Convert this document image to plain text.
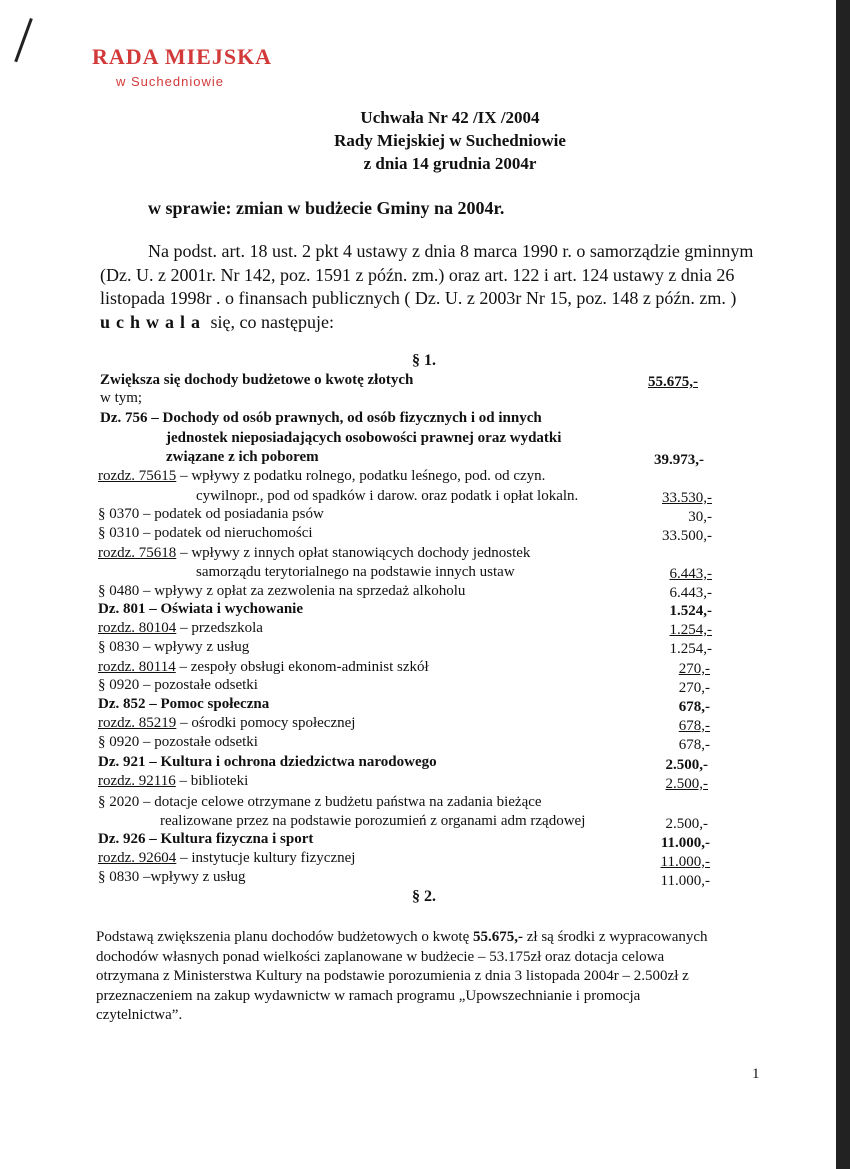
RADA MIEJSKA
w Suchedniowie
Uchwała Nr 42 /IX /2004
Rady Miejskiej w Suchedniowie
z dnia 14 grudnia 2004r
w sprawie: zmian w budżecie Gminy na 2004r.
Na podst. art. 18 ust. 2 pkt 4 ustawy z dnia 8 marca 1990 r. o samorządzie gminnym (Dz. U. z 2001r. Nr 142, poz. 1591 z późn. zm.) oraz art. 122 i art. 124 ustawy z dnia 26 listopada 1998r . o finansach publicznych ( Dz. U. z 2003r Nr 15, poz. 148 z późn. zm. ) uchwala się, co następuje:
§ 1.
Zwiększa się dochody budżetowe o kwotę złotych	55.675,-
w tym;
Dz. 756 – Dochody od osób prawnych, od osób fizycznych i od innych
jednostek nieposiadających osobowości prawnej oraz wydatki
związane z ich poborem	39.973,-
rozdz. 75615 – wpływy z podatku rolnego, podatku leśnego, pod. od czyn.
cywilnopr., pod od spadków i darow. oraz podatk i opłat lokaln.	33.530,-
§ 0370 – podatek od posiadania psów	30,-
§ 0310 – podatek od nieruchomości	33.500,-
rozdz. 75618 – wpływy z innych opłat stanowiących dochody jednostek
samorządu terytorialnego na podstawie innych ustaw	6.443,-
§ 0480 – wpływy z opłat za zezwolenia na sprzedaż alkoholu	6.443,-
Dz. 801 – Oświata i wychowanie	1.524,-
rozdz. 80104 – przedszkola	1.254,-
§ 0830 – wpływy z usług	1.254,-
rozdz. 80114 – zespoły obsługi ekonom-administ szkół	270,-
§ 0920 – pozostałe odsetki	270,-
Dz. 852 – Pomoc społeczna	678,-
rozdz. 85219 – ośrodki pomocy społecznej	678,-
§ 0920 – pozostałe odsetki	678,-
Dz. 921 – Kultura i ochrona dziedzictwa narodowego	2.500,-
rozdz. 92116 – biblioteki	2.500,-
§ 2020 – dotacje celowe otrzymane z budżetu państwa na zadania bieżące
realizowane przez na podstawie porozumień z organami adm rządowej	2.500,-
Dz. 926 – Kultura fizyczna i sport	11.000,-
rozdz. 92604 – instytucje kultury fizycznej	11.000,-
§ 0830 –wpływy z usług	11.000,-
§ 2.
Podstawą zwiększenia planu dochodów budżetowych o kwotę 55.675,- zł są środki z wypracowanych dochodów własnych ponad wielkości zaplanowane w budżecie – 53.175zł oraz dotacja celowa otrzymana z Ministerstwa Kultury na podstawie porozumienia z dnia 3 listopada 2004r – 2.500zł z przeznaczeniem na zakup wydawnictw w ramach programu „Upowszechnianie i promocja czytelnictwa”.
1
